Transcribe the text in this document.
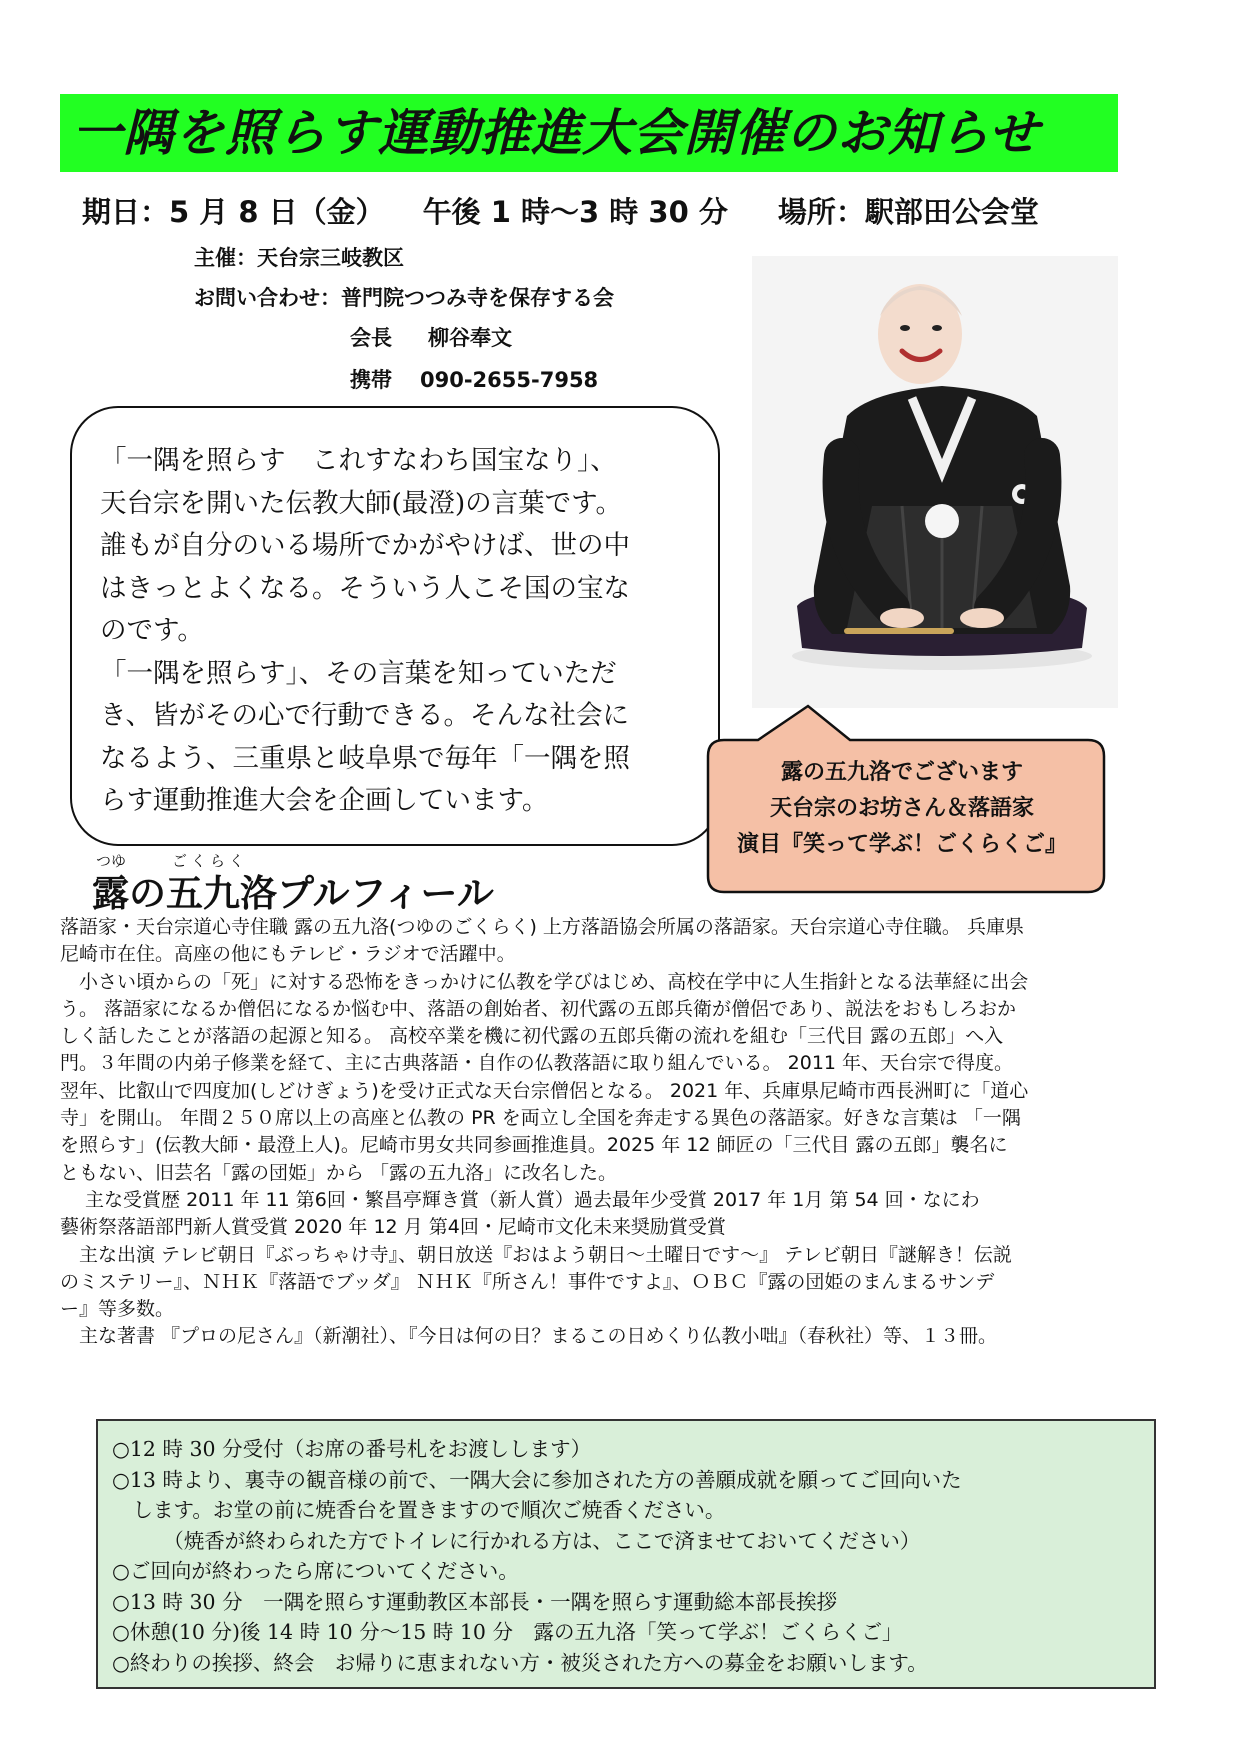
一隅を照らす運動推進大会開催のお知らせ
期日：5 月 8 日（金） 午後 1 時～3 時 30 分 場所：駅部田公会堂
主催：天台宗三岐教区
お問い合わせ：普門院つつみ寺を保存する会
会長 柳谷奉文
携帯 090-2655-7958

「一隅を照らす　これすなわち国宝なり」、

天台宗を開いた伝教大師(最澄)の言葉です。

誰もが自分のいる場所でかがやけば、世の中

はきっとよくなる。そういう人こそ国の宝な

のです。

「一隅を照らす」、その言葉を知っていただ

き、皆がその心で行動できる。そんな社会に

なるよう、三重県と岐阜県で毎年「一隅を照

らす運動推進大会を企画しています。

露の五九洛でございます
天台宗のお坊さん＆落語家
演目『笑って学ぶ！ごくらくご』
つゆ	ごくらく
露の五九洛プルフィール

落語家・天台宗道心寺住職 露の五九洛(つゆのごくらく) 上方落語協会所属の落語家。天台宗道心寺住職。 兵庫県

尼崎市在住。高座の他にもテレビ・ラジオで活躍中。

　小さい頃からの「死」に対する恐怖をきっかけに仏教を学びはじめ、高校在学中に人生指針となる法華経に出会

う。 落語家になるか僧侶になるか悩む中、落語の創始者、初代露の五郎兵衛が僧侶であり、説法をおもしろおか

しく話したことが落語の起源と知る。 高校卒業を機に初代露の五郎兵衛の流れを組む「三代目 露の五郎」へ入

門。３年間の内弟子修業を経て、主に古典落語・自作の仏教落語に取り組んでいる。 2011 年、天台宗で得度。

翌年、比叡山で四度加(しどけぎょう)を受け正式な天台宗僧侶となる。 2021 年、兵庫県尼崎市西長洲町に「道心

寺」を開山。 年間２５０席以上の高座と仏教の PR を両立し全国を奔走する異色の落語家。好きな言葉は 「一隅

を照らす」(伝教大師・最澄上人)。尼崎市男女共同参画推進員。2025 年 12 師匠の「三代目 露の五郎」襲名に

ともない、旧芸名「露の団姫」から 「露の五九洛」に改名した。

　 主な受賞歴 2011 年 11 第6回・繁昌亭輝き賞（新人賞）過去最年少受賞 2017 年 1月 第 54 回・なにわ

藝術祭落語部門新人賞受賞 2020 年 12 月 第4回・尼崎市文化未来奨励賞受賞

　主な出演 テレビ朝日『ぶっちゃけ寺』、朝日放送『おはよう朝日～土曜日です～』 テレビ朝日『謎解き！伝説

のミステリー』、ＮＨＫ『落語でブッダ』 ＮＨＫ『所さん！事件ですよ』、ＯＢＣ『露の団姫のまんまるサンデ

ー』等多数。

　主な著書 『プロの尼さん』（新潮社）、『今日は何の日？まるこの日めくり仏教小咄』（春秋社）等、１３冊。

○12 時 30 分受付（お席の番号札をお渡しします）

○13 時より、裏寺の観音様の前で、一隅大会に参加された方の善願成就を願ってご回向いた

　します。お堂の前に焼香台を置きますので順次ご焼香ください。

　　　（焼香が終わられた方でトイレに行かれる方は、ここで済ませておいてください）

○ご回向が終わったら席についてください。

○13 時 30 分　一隅を照らす運動教区本部長・一隅を照らす運動総本部長挨拶

○休憩(10 分)後 14 時 10 分～15 時 10 分　露の五九洛「笑って学ぶ！ごくらくご」

○終わりの挨拶、終会　お帰りに恵まれない方・被災された方への募金をお願いします。
